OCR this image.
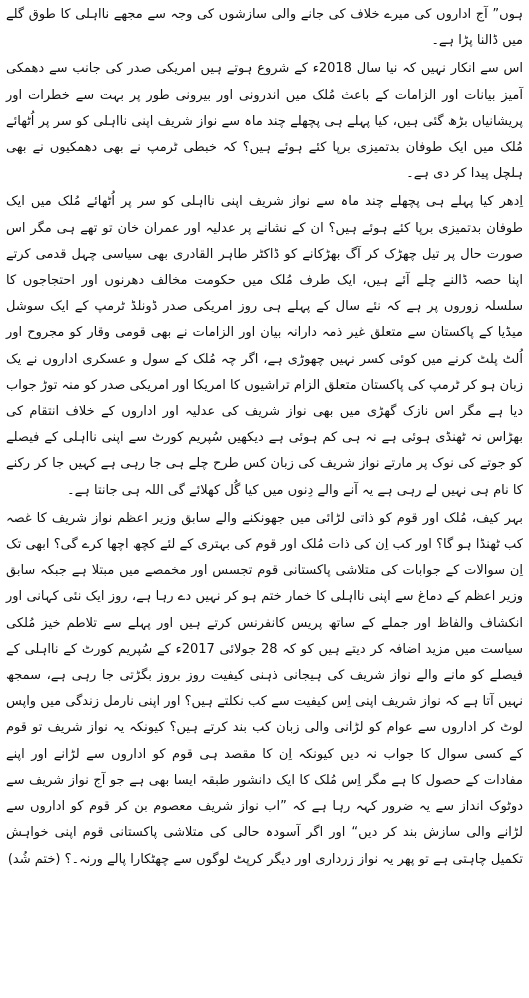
ہوں” آج اداروں کی میرے خلاف کی جانے والی سازشوں کی وجہ سے مجھے نااہلی کا طوق گلے میں ڈالنا پڑا ہے۔

اس سے انکار نہیں کہ نیا سال 2018ء کے شروع ہوتے ہیں امریکی صدر کی جانب سے دھمکی آمیز بیانات اور الزامات کے باعث مُلک میں اندرونی اور بیرونی طور پر بہت سے خطرات اور پریشانیاں بڑھ گئی ہیں، کیا پہلے ہی پچھلے چند ماہ سے نواز شریف اپنی نااہلی کو سر پر اُٹھائے مُلک میں ایک طوفان بدتمیزی برپا کئے ہوئے ہیں؟ کہ خبطی ٹرمپ نے بھی دھمکیوں نے بھی ہلچل پیدا کر دی ہے۔

اِدھر کیا پہلے ہی پچھلے چند ماہ سے نواز شریف اپنی نااہلی کو سر پر اُٹھائے مُلک میں ایک طوفان بدتمیزی برپا کئے ہوئے ہیں؟ ان کے نشانے پر عدلیہ اور عمران خان تو تھے ہی مگر اس صورت حال پر تیل چھڑک کر آگ بھڑکانے کو ڈاکٹر طاہر القادری بھی سیاسی چہل قدمی کرتے اپنا حصہ ڈالنے چلے آئے ہیں، ایک طرف مُلک میں حکومت مخالف دھرنوں اور احتجاجوں کا سلسلہ زوروں پر ہے کہ نئے سال کے پہلے ہی روز امریکی صدر ڈونلڈ ٹرمپ کے ایک سوشل میڈیا کے پاکستان سے متعلق غیر ذمہ دارانہ بیان اور الزامات نے بھی قومی وقار کو مجروح اور اُلٹ پلٹ کرنے میں کوئی کسر نہیں چھوڑی ہے، اگر چہ مُلک کے سول و عسکری اداروں نے یک زبان ہو کر ٹرمپ کی پاکستان متعلق الزام تراشیوں کا امریکا اور امریکی صدر کو منہ توڑ جواب دیا ہے مگر اس نازک گھڑی میں بھی نواز شریف کی عدلیہ اور اداروں کے خلاف انتقام کی بھڑاس نہ ٹھنڈی ہوئی ہے نہ ہی کم ہوئی ہے دیکھیں سُپریم کورٹ سے اپنی نااہلی کے فیصلے کو جوتے کی نوک پر مارتے نواز شریف کی زبان کس طرح چلے ہی جا رہی ہے کہیں جا کر رکنے کا نام ہی نہیں لے رہی ہے یہ آنے والے دِنوں میں کیا گُل کھلائے گی اللہ ہی جانتا ہے۔

بہر کیف، مُلک اور قوم کو ذاتی لڑائی میں جھونکنے والے سابق وزیر اعظم نواز شریف کا غصہ کب ٹھنڈا ہو گا؟ اور کب اِن کی ذات مُلک اور قوم کی بہتری کے لئے کچھ اچھا کرے گی؟ ابھی تک اِن سوالات کے جوابات کی متلاشی پاکستانی قوم تجسس اور مخمصے میں مبتلا ہے جبکہ سابق وزیر اعظم کے دماغ سے اپنی نااہلی کا خمار ختم ہو کر نہیں دے رہا ہے، روز ایک نئی کہانی اور انکشاف والفاظ اور جملے کے ساتھ پریس کانفرنس کرتے ہیں اور پہلے سے تلاطم خیز مُلکی سیاست میں مزید اضافہ کر دیتے ہیں کو کہ 28 جولائی 2017ء کے سُپریم کورٹ کے نااہلی کے فیصلے کو مانے والے نواز شریف کی ہیجانی ذہنی کیفیت روز بروز بگڑتی جا رہی ہے، سمجھ نہیں آتا ہے کہ نواز شریف اپنی اِس کیفیت سے کب نکلتے ہیں؟ اور اپنی نارمل زندگی میں واپس لوٹ کر اداروں سے عوام کو لڑانی والی زبان کب بند کرتے ہیں؟ کیونکہ یہ نواز شریف تو قوم کے کسی سوال کا جواب نہ دیں کیونکہ اِن کا مقصد ہی قوم کو اداروں سے لڑانے اور اپنے مفادات کے حصول کا ہے مگر اِس مُلک کا ایک دانشور طبقہ ایسا بھی ہے جو آج نواز شریف سے دوٹوک انداز سے یہ ضرور کہہ رہا ہے کہ ”اب نواز شریف معصوم بن کر قوم کو اداروں سے لڑانے والی سازش بند کر دیں“ اور اگر آسودہ حالی کی متلاشی پاکستانی قوم اپنی خواہش تکمیل چاہتی ہے تو پھر یہ نواز زرداری اور دیگر کرپٹ لوگوں سے چھٹکارا پالے ورنہ۔؟ (ختم شُد)
